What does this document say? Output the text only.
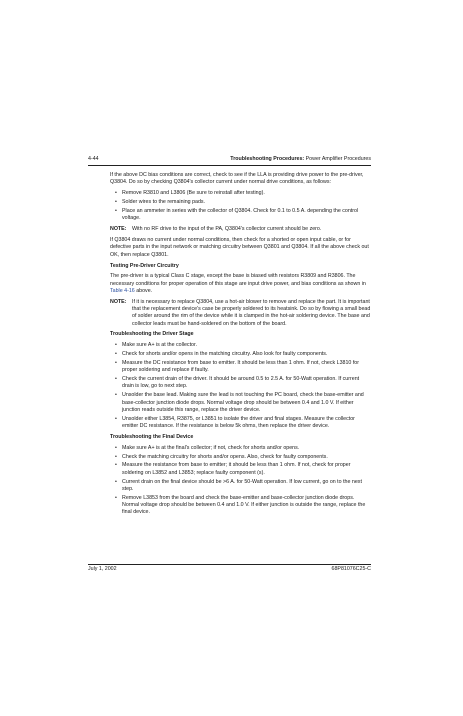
4-44	Troubleshooting Procedures: Power Amplifier Procedures

If the above DC bias conditions are correct, check to see if the LLA is providing drive power to the pre-driver, Q3804. Do so by checking Q3804's collector current under normal drive conditions, as follows:

• Remove R3810 and L3806 (Be sure to reinstall after testing).
• Solder wires to the remaining pads.
• Place an ammeter in series with the collector of Q3804. Check for 0.1 to 0.5 A. depending the control voltage.
NOTE: With no RF drive to the input of the PA, Q3804's collector current should be zero.

If Q3804 draws no current under normal conditions, then check for a shorted or open input cable, or for defective parts in the input network or matching circuitry between Q3801 and Q3804. If all the above check out OK, then replace Q3801.

Testing Pre-Driver Circuitry

The pre-driver is a typical Class C stage, except the base is biased with resistors R3809 and R3806. The necessary conditions for proper operation of this stage are input drive power, and bias conditions as shown in Table 4-16 above.

NOTE: If it is necessary to replace Q3804, use a hot-air blower to remove and replace the part. It is important that the replacement device's case be properly soldered to its heatsink. Do so by flowing a small bead of solder around the rim of the device while it is clamped in the hot-air soldering device. The base and collector leads must be hand-soldered on the bottom of the board.
Troubleshooting the Driver Stage
• Make sure A+ is at the collector.
• Check for shorts and/or opens in the matching circuitry. Also look for faulty components.
• Measure the DC resistance from base to emitter. It should be less than 1 ohm. If not, check L3810 for proper soldering and replace if faulty.
• Check the current drain of the driver. It should be around 0.5 to 2.5 A. for 50-Watt operation. If current drain is low, go to next step.
• Unsolder the base lead. Making sure the lead is not touching the PC board, check the base-emitter and base-collector junction diode drops. Normal voltage drop should be between 0.4 and 1.0 V. If either junction reads outside this range, replace the driver device.
• Unsolder either L3854, R3875, or L3851 to isolate the driver and final stages. Measure the collector emitter DC resistance. If the resistance is below 5k ohms, then replace the driver device.
Troubleshooting the Final Device
• Make sure A+ is at the final's collector; if not, check for shorts and/or opens.
• Check the matching circuitry for shorts and/or opens. Also, check for faulty components.
• Measure the resistance from base to emitter; it should be less than 1 ohm. If not, check for proper soldering on L3852 and L3853; replace faulty component (s).
• Current drain on the final device should be >6 A. for 50-Watt operation. If low current, go on to the next step.
• Remove L3853 from the board and check the base-emitter and base-collector junction diode drops. Normal voltage drop should be between 0.4 and 1.0 V. If either junction is outside the range, replace the final device.
July 1, 2002	68P81076C25-C
